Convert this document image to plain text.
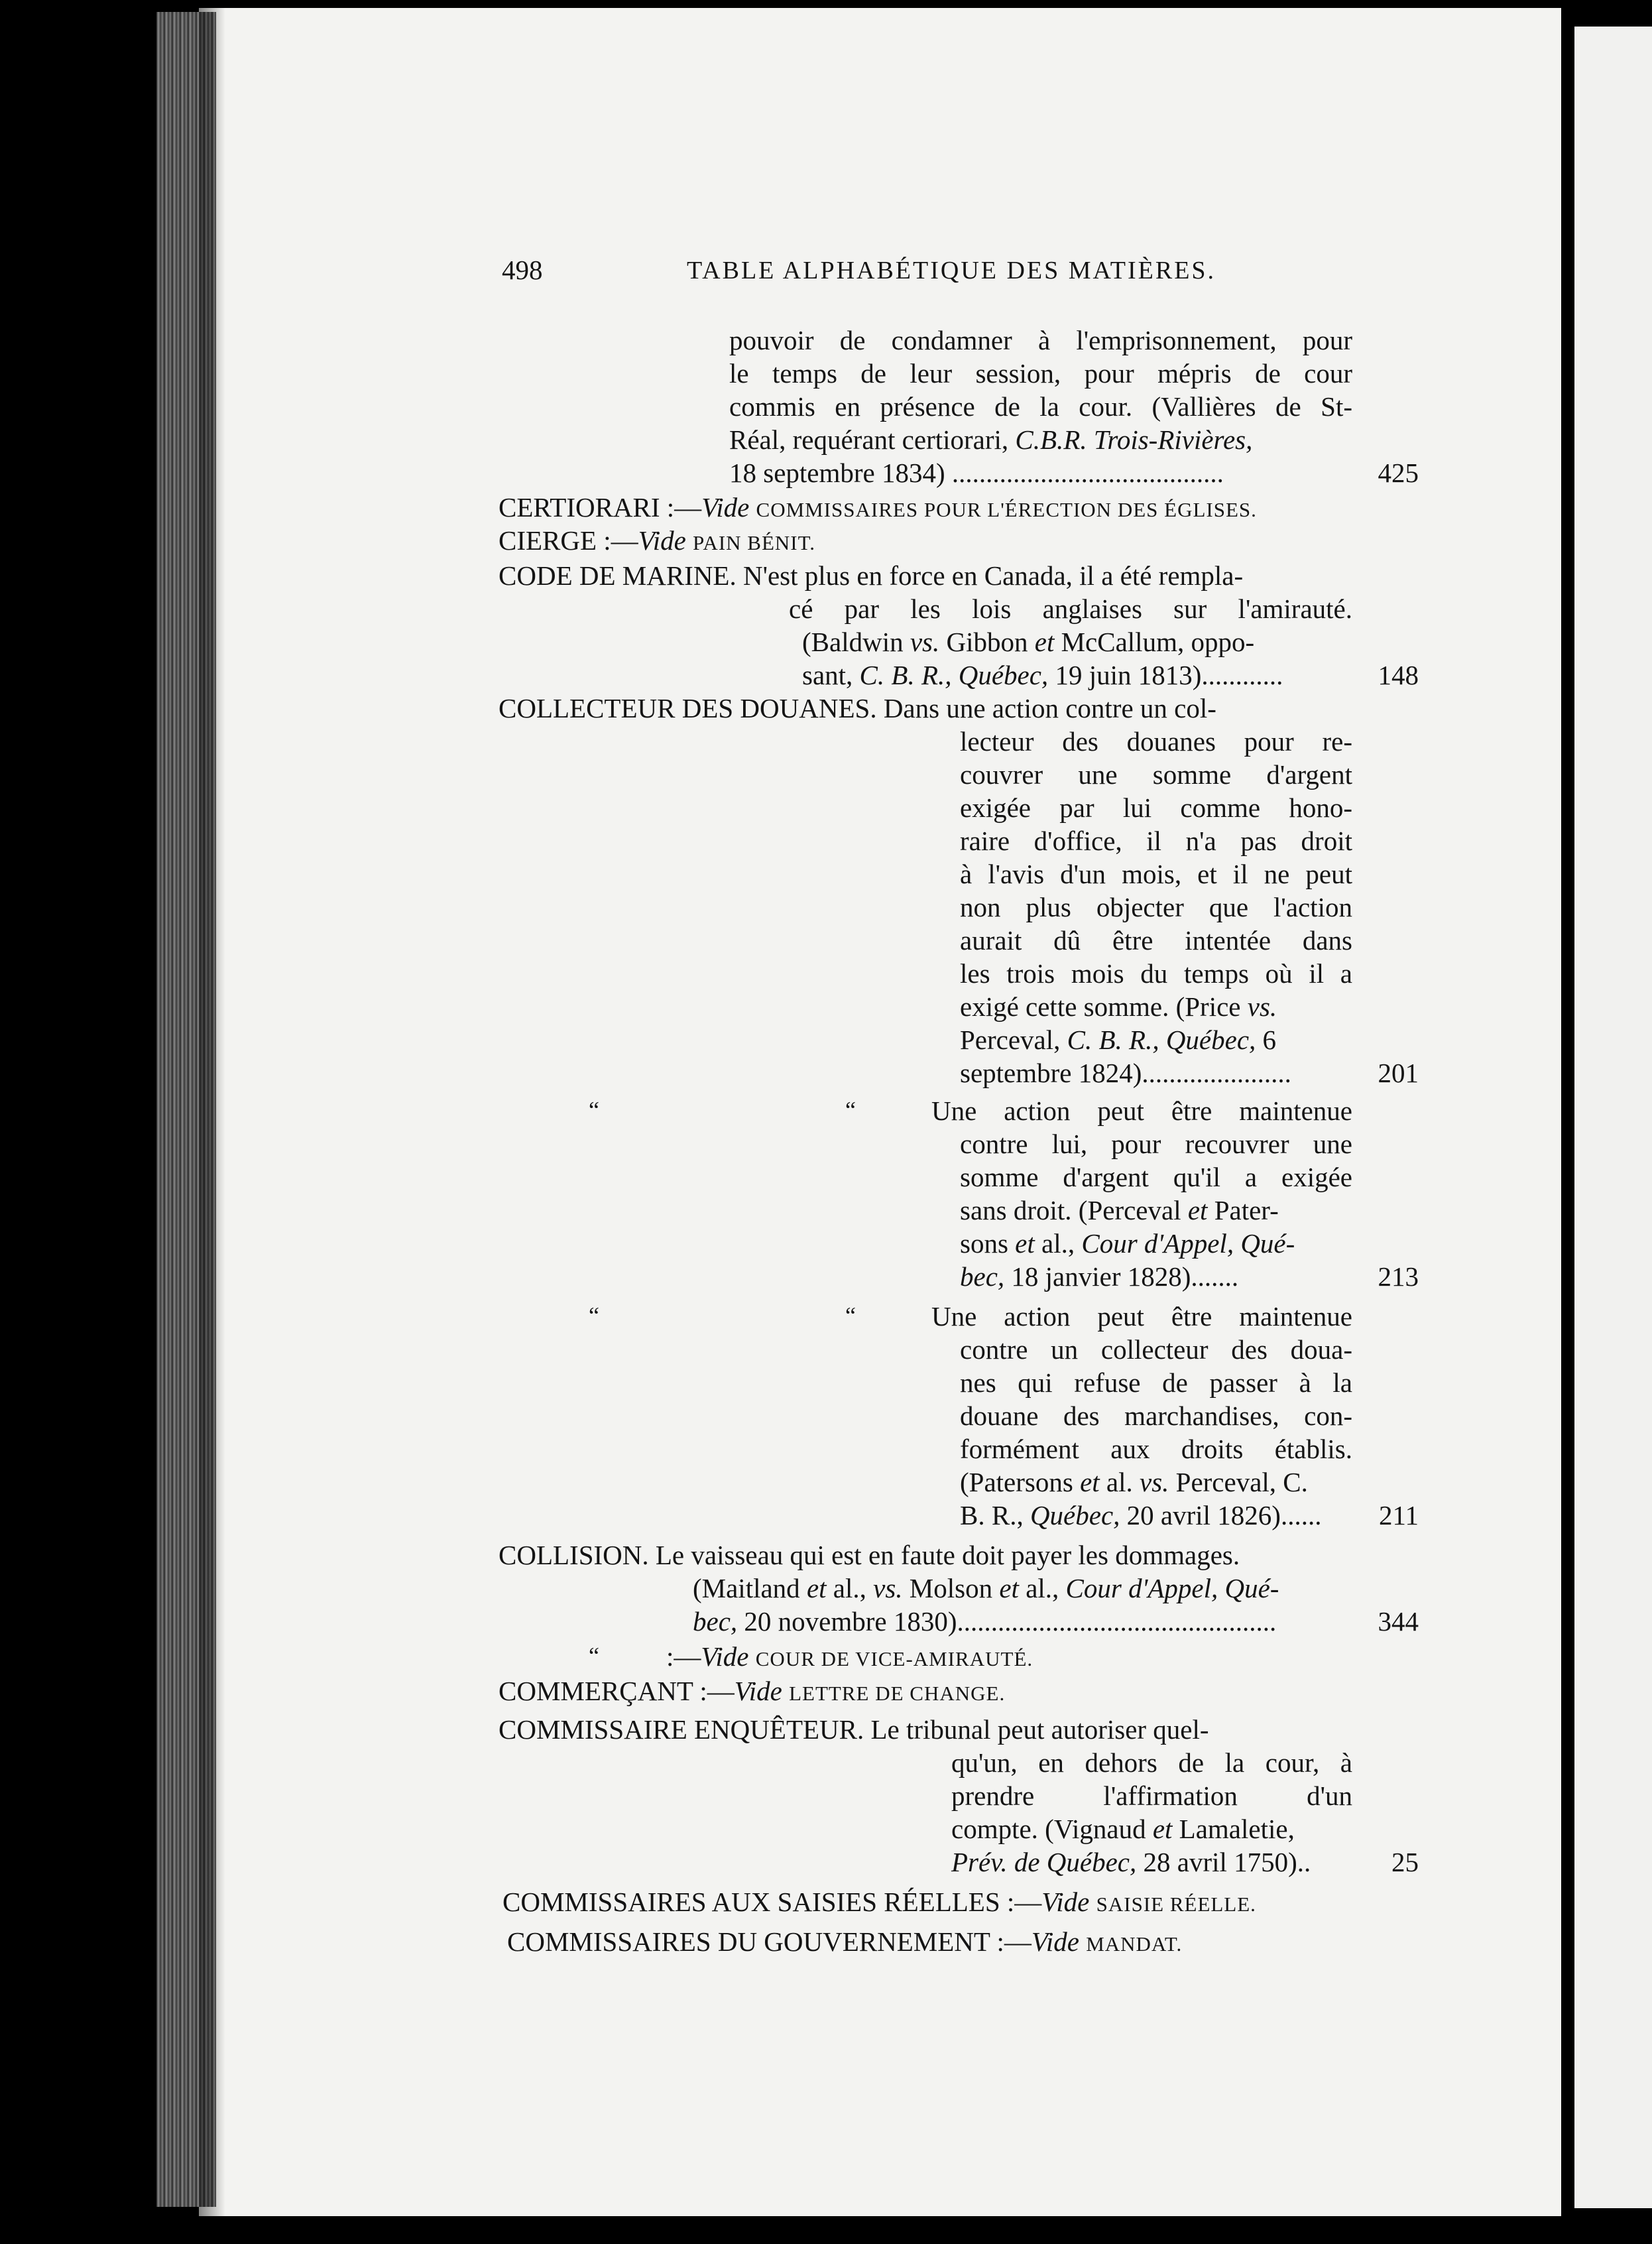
498	TABLE ALPHABÉTIQUE DES MATIÈRES.
pouvoir de condamner à l'emprisonnement, pour
le temps de leur session, pour mépris de cour
commis en présence de la cour. (Vallières de St-
Réal, requérant certiorari, C.B.R. Trois-Rivières,
18 septembre 1834) ........................................	425
CERTIORARI :—Vide COMMISSAIRES POUR L'ÉRECTION DES ÉGLISES.
CIERGE :—Vide PAIN BÉNIT.
CODE DE MARINE. N'est plus en force en Canada, il a été rempla-
cé par les lois anglaises sur l'amirauté.
(Baldwin vs. Gibbon et McCallum, oppo-
sant, C. B. R., Québec, 19 juin 1813)............	148
COLLECTEUR DES DOUANES. Dans une action contre un col-
lecteur des douanes pour re-
couvrer une somme d'argent
exigée par lui comme hono-
raire d'office, il n'a pas droit
à l'avis d'un mois, et il ne peut
non plus objecter que l'action
aurait dû être intentée dans
les trois mois du temps où il a
exigé cette somme. (Price vs.
Perceval, C. B. R., Québec, 6
septembre 1824)......................	201
“	“	Une action peut être maintenue
contre lui, pour recouvrer une
somme d'argent qu'il a exigée
sans droit. (Perceval et Pater-
sons et al., Cour d'Appel, Qué-
bec, 18 janvier 1828).......	213
“	“	Une action peut être maintenue
contre un collecteur des doua-
nes qui refuse de passer à la
douane des marchandises, con-
formément aux droits établis.
(Patersons et al. vs. Perceval, C.
B. R., Québec, 20 avril 1826)......	211
COLLISION. Le vaisseau qui est en faute doit payer les dommages.
(Maitland et al., vs. Molson et al., Cour d'Appel, Qué-
bec, 20 novembre 1830)...............................................	344
“ :—Vide COUR DE VICE-AMIRAUTÉ.
COMMERÇANT :—Vide LETTRE DE CHANGE.
COMMISSAIRE ENQUÊTEUR. Le tribunal peut autoriser quel-
qu'un, en dehors de la cour, à
prendre l'affirmation d'un
compte. (Vignaud et Lamaletie,
Prév. de Québec, 28 avril 1750)..	25
COMMISSAIRES AUX SAISIES RÉELLES :—Vide SAISIE RÉELLE.
COMMISSAIRES DU GOUVERNEMENT :—Vide MANDAT.
